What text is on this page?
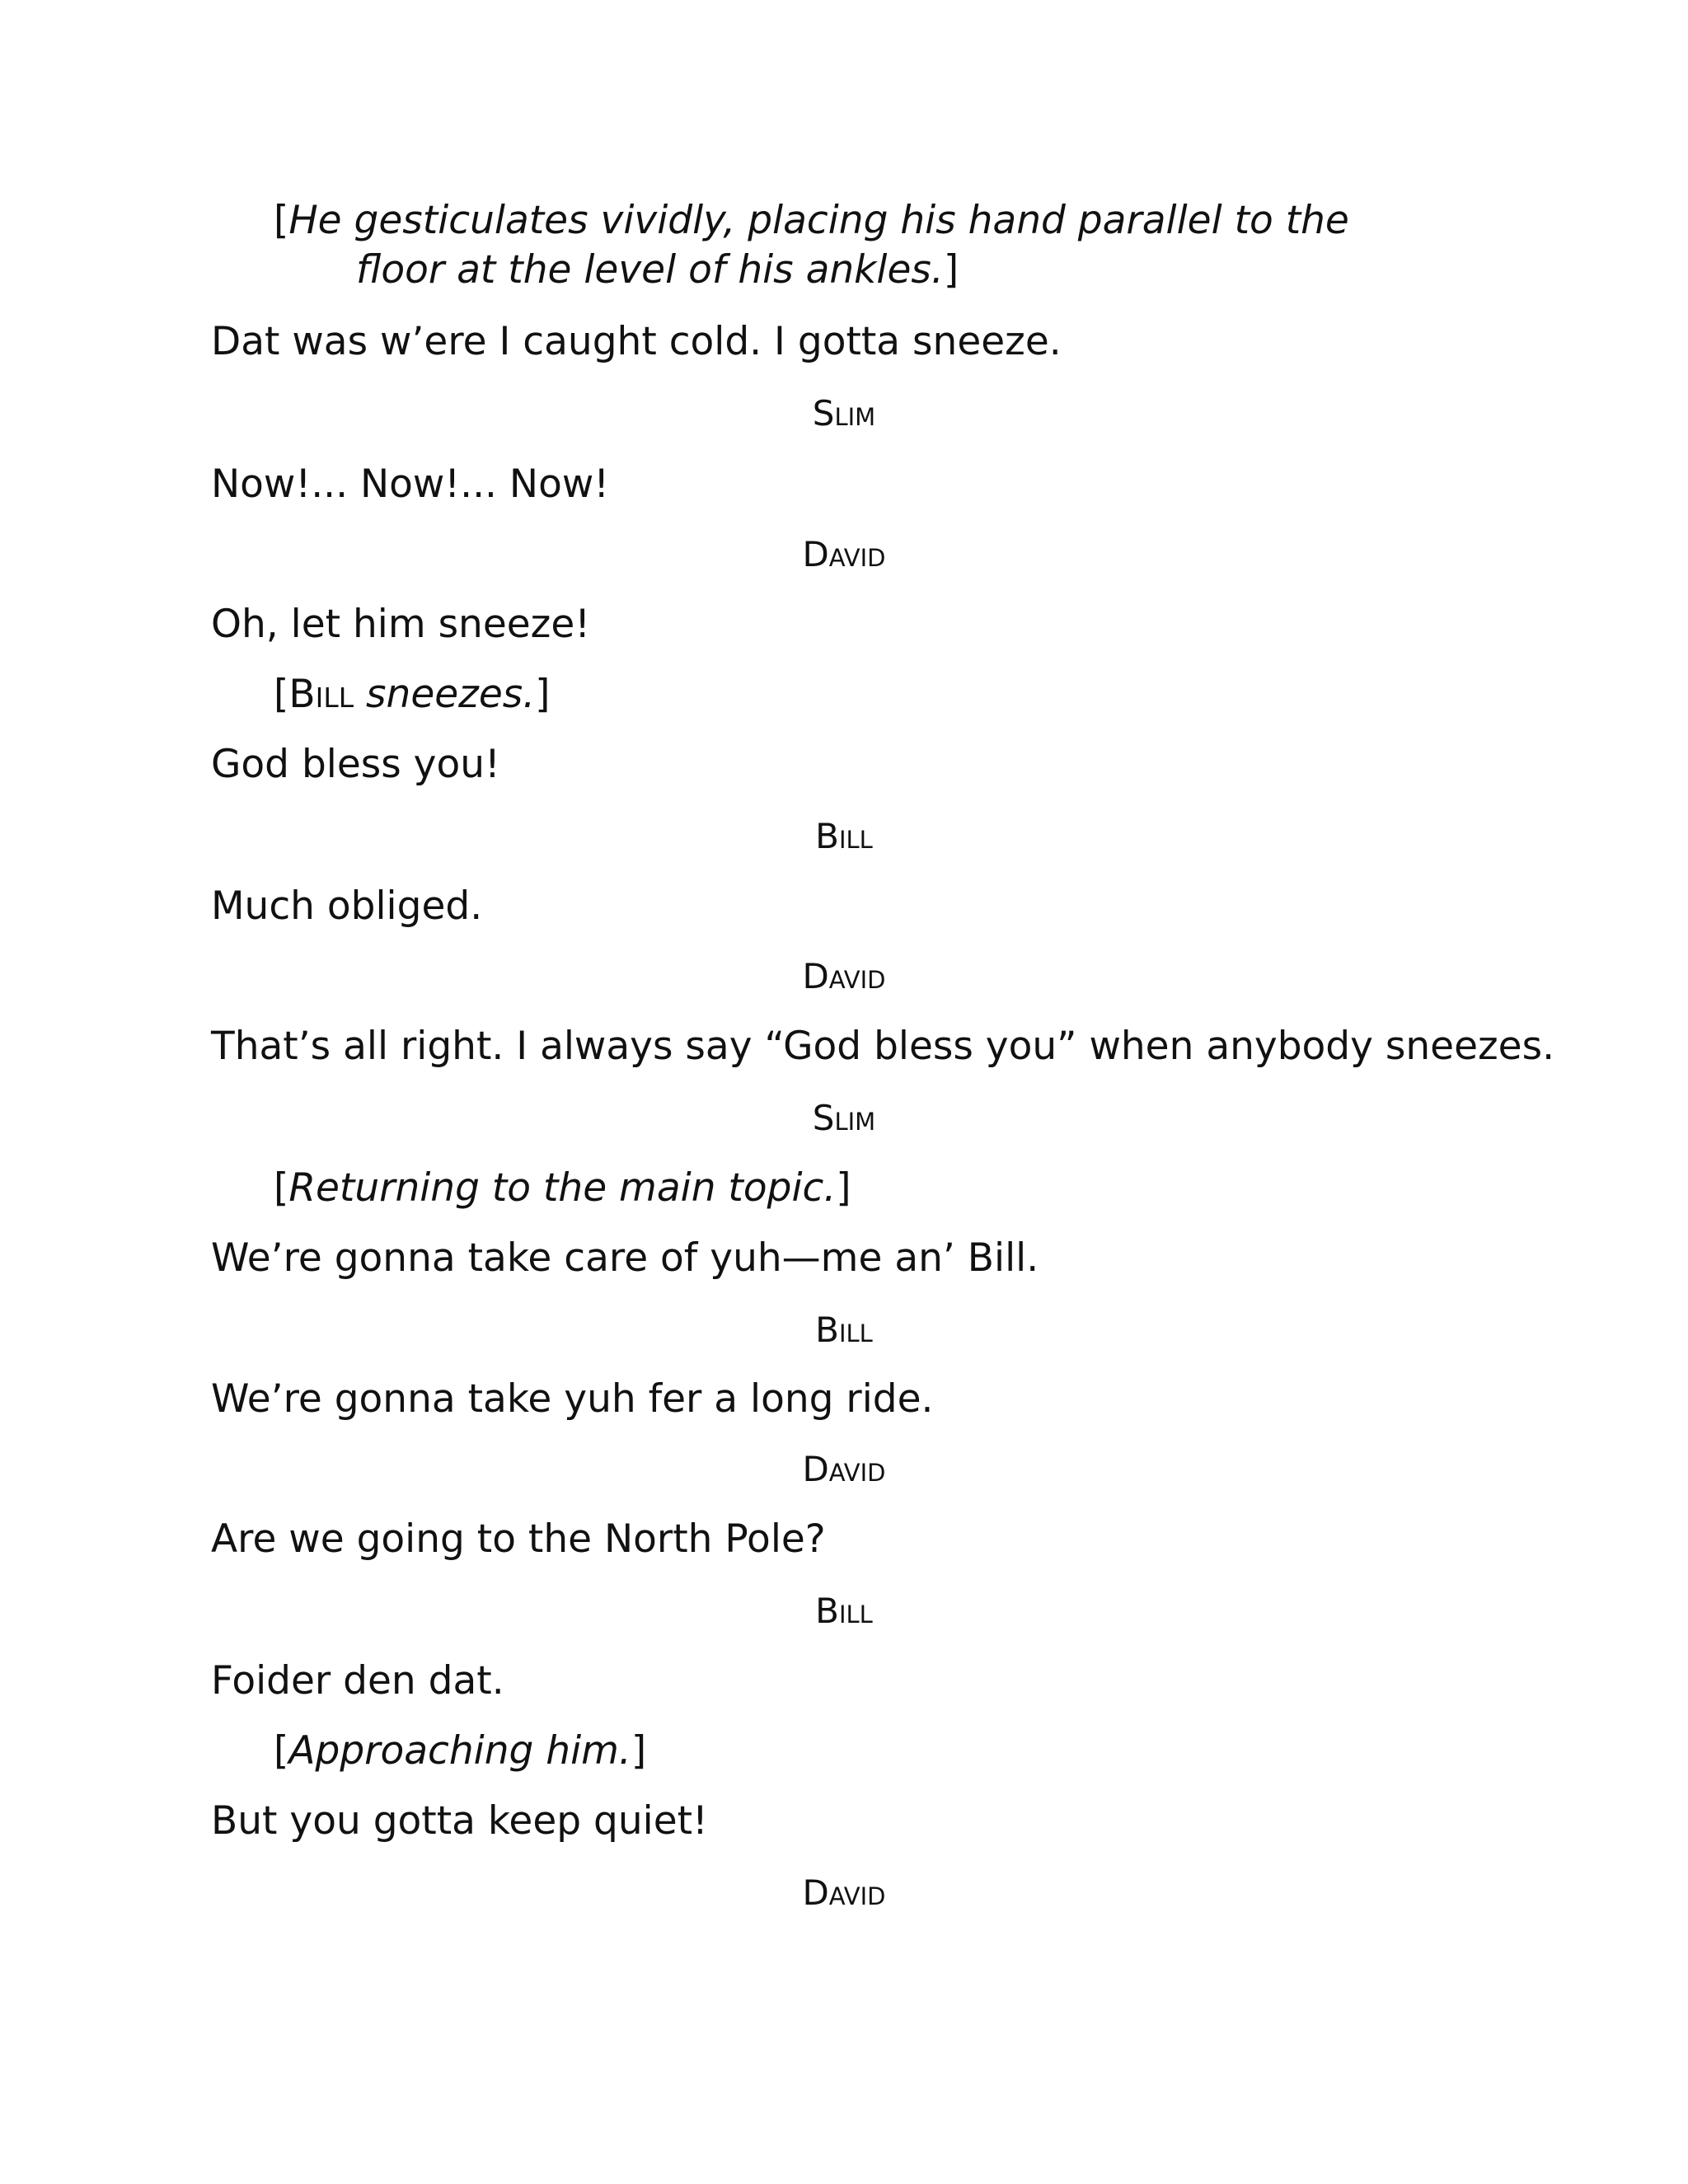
[He gesticulates vividly, placing his hand parallel to the
floor at the level of his ankles.]
Dat was w’ere I caught cold. I gotta sneeze.
Slim
Now!... Now!... Now!
David
Oh, let him sneeze!
[Bill sneezes.]
God bless you!
Bill
Much obliged.
David
That’s all right. I always say “God bless you” when anybody sneezes.
Slim
[Returning to the main topic.]
We’re gonna take care of yuh—me an’ Bill.
Bill
We’re gonna take yuh fer a long ride.
David
Are we going to the North Pole?
Bill
Foider den dat.
[Approaching him.]
But you gotta keep quiet!
David
